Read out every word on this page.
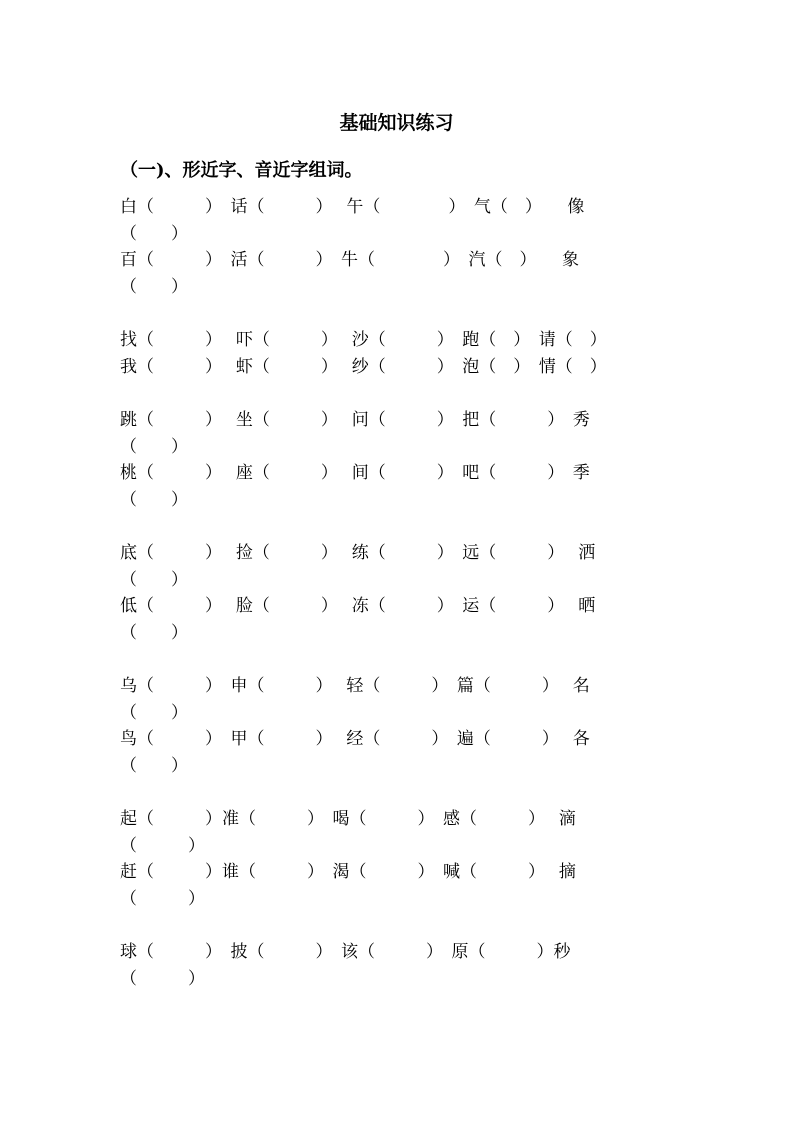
基础知识练习
（一)、形近字、音近字组词。
白（　　　）　话（　　　）　 午（　　　　）　气（　）　　像
（　　）
百（　　　）　活（　　　）　牛（　　　　）　汽（　）　　象
（　　）
找（　　　）　 吓（　　　）　 沙（　　　）　跑（　）　请（　）
我（　　　）　 虾（　　　）　 纱（　　　）　泡（　）　情（　）
跳（　　　）　 坐（　　　）　 问（　　　）　把（　　　）　秀
（　　）
桃（　　　）　 座（　　　）　 间（　　　）　吧（　　　）　季
（　　）
底（　　　）　 捡（　　　）　 练（　　　）　远（　　　）　 洒
（　　）
低（　　　）　 脸（　　　）　 冻（　　　）　运（　　　）　 晒
（　　）
乌（　　　）　申（　　　）　 轻（　　　）　篇（　　　）　 名
（　　）
鸟（　　　）　甲（　　　）　 经（　　　）　遍（　　　）　 各
（　　）
起（　　　）准（　　　）　喝（　　　）　感（　　　）　 滴
（　　　）
赶（　　　）谁（　　　）　渴（　　　）　喊（　　　）　 摘
（　　　）
球（　　　）　披（　　　）　该（　　　）　原（　　　）秒
（　　　）
